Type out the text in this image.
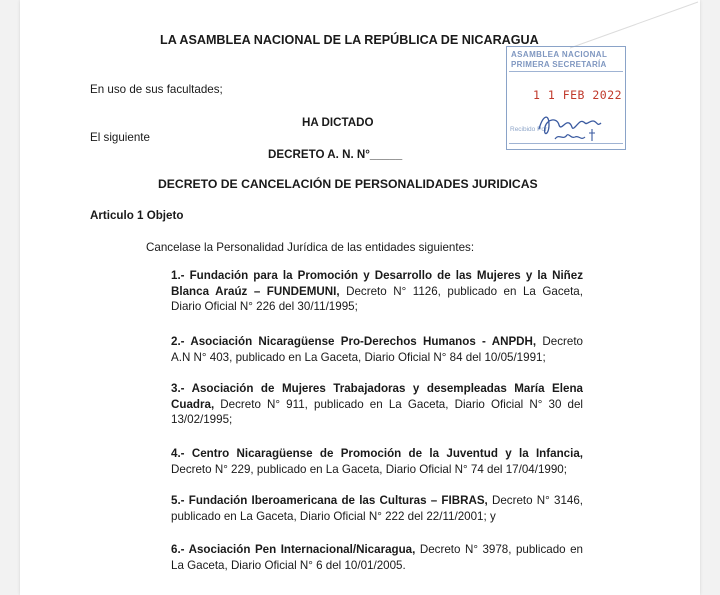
LA ASAMBLEA NACIONAL DE LA REPÚBLICA DE NICARAGUA
ASAMBLEA NACIONAL
PRIMERA SECRETARÍA
1 1 FEB 2022
Recibido Por:
En uso de sus facultades;
HA DICTADO
El siguiente
DECRETO A. N. N°_____
DECRETO DE CANCELACIÓN DE PERSONALIDADES JURIDICAS
Articulo 1 Objeto
Cancelase la Personalidad Jurídica de las entidades siguientes:
1.- Fundación para la Promoción y Desarrollo de las Mujeres y la Niñez Blanca Araúz – FUNDEMUNI, Decreto N° 1126, publicado en La Gaceta, Diario Oficial N° 226 del 30/11/1995;
2.- Asociación Nicaragüense Pro-Derechos Humanos - ANPDH, Decreto A.N N° 403, publicado en La Gaceta, Diario Oficial N° 84 del 10/05/1991;
3.- Asociación de Mujeres Trabajadoras y desempleadas María Elena Cuadra, Decreto N° 911, publicado en La Gaceta, Diario Oficial N° 30 del 13/02/1995;
4.- Centro Nicaragüense de Promoción de la Juventud y la Infancia, Decreto N° 229, publicado en La Gaceta, Diario Oficial N° 74 del 17/04/1990;
5.- Fundación Iberoamericana de las Culturas – FIBRAS, Decreto N° 3146, publicado en La Gaceta, Diario Oficial N° 222 del 22/11/2001; y
6.- Asociación Pen Internacional/Nicaragua, Decreto N° 3978, publicado en La Gaceta, Diario Oficial N° 6 del 10/01/2005.
